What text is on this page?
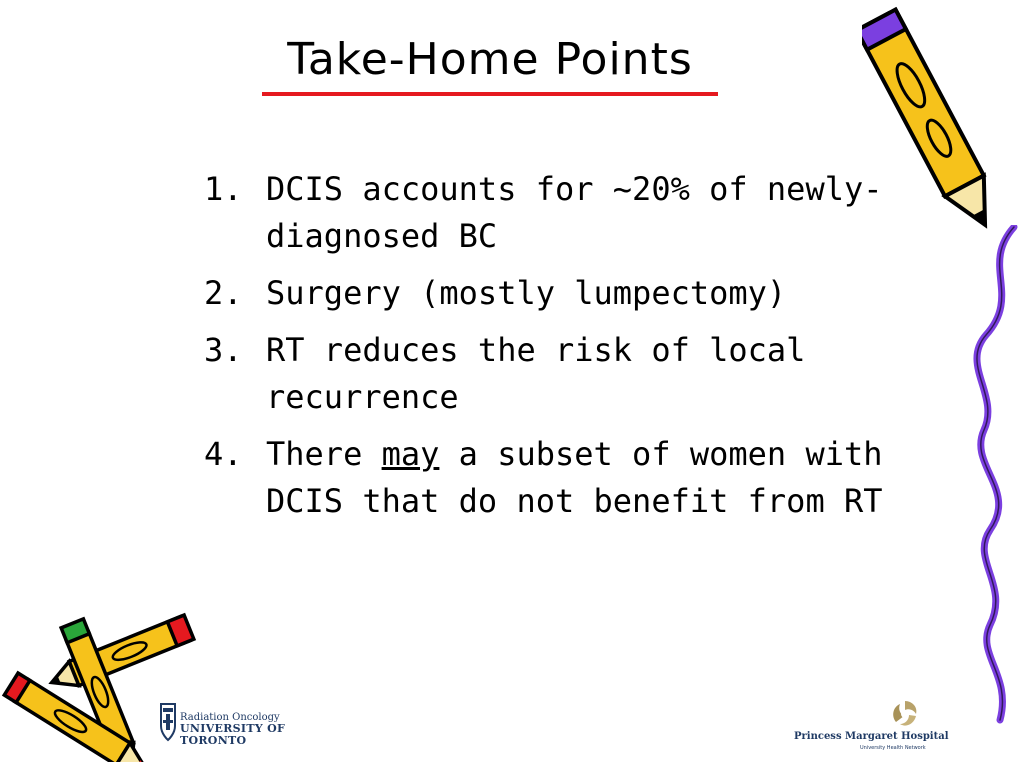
Take-Home Points
1. DCIS accounts for ~20% of newly-diagnosed BC
2. Surgery (mostly lumpectomy)
3. RT reduces the risk of local recurrence
4. There may a subset of women with DCIS that do not benefit from RT
Radiation Oncology
UNIVERSITY OF TORONTO	Princess Margaret Hospital
University Health Network
